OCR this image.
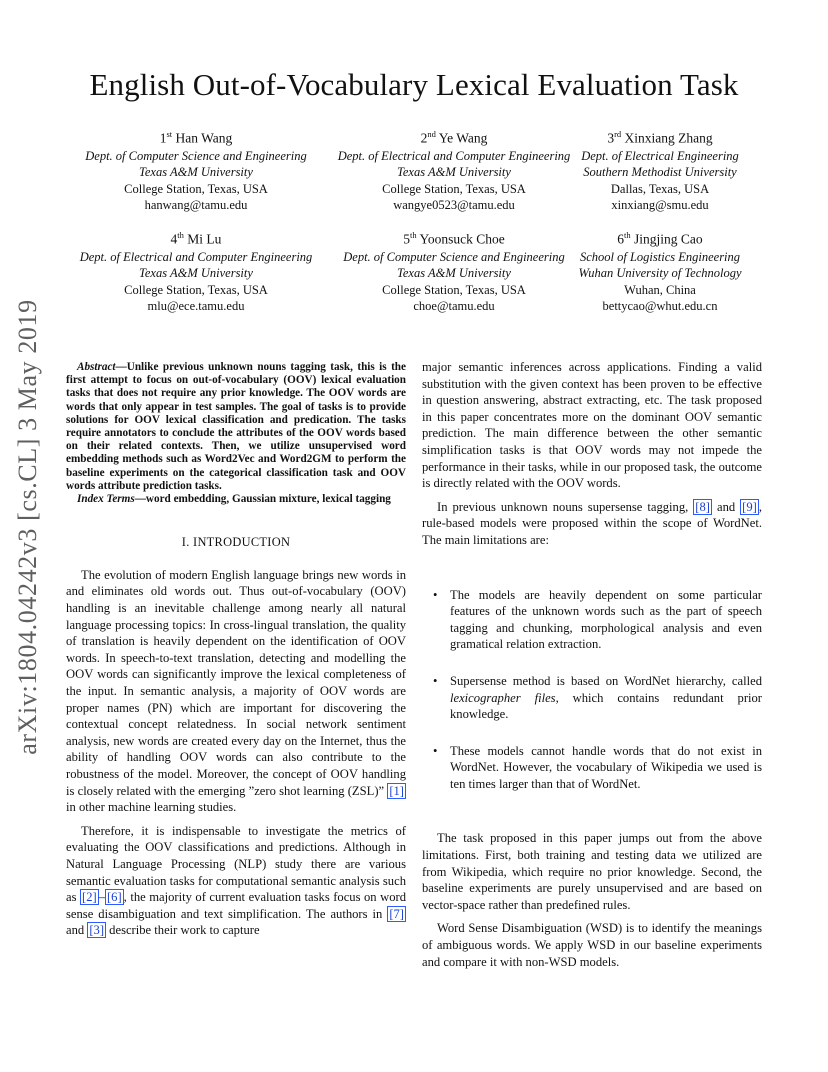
arXiv:1804.04242v3 [cs.CL] 3 May 2019
English Out-of-Vocabulary Lexical Evaluation Task
1st Han Wang
Dept. of Computer Science and Engineering
Texas A&M University
College Station, Texas, USA
hanwang@tamu.edu
2nd Ye Wang
Dept. of Electrical and Computer Engineering
Texas A&M University
College Station, Texas, USA
wangye0523@tamu.edu
3rd Xinxiang Zhang
Dept. of Electrical Engineering
Southern Methodist University
Dallas, Texas, USA
xinxiang@smu.edu
4th Mi Lu
Dept. of Electrical and Computer Engineering
Texas A&M University
College Station, Texas, USA
mlu@ece.tamu.edu
5th Yoonsuck Choe
Dept. of Computer Science and Engineering
Texas A&M University
College Station, Texas, USA
choe@tamu.edu
6th Jingjing Cao
School of Logistics Engineering
Wuhan University of Technology
Wuhan, China
bettycao@whut.edu.cn

Abstract—Unlike previous unknown nouns tagging task, this is the first attempt to focus on out-of-vocabulary (OOV) lexical evaluation tasks that does not require any prior knowledge. The OOV words are words that only appear in test samples. The goal of tasks is to provide solutions for OOV lexical classification and predication. The tasks require annotators to conclude the attributes of the OOV words based on their related contexts. Then, we utilize unsupervised word embedding methods such as Word2Vec and Word2GM to perform the baseline experiments on the categorical classification task and OOV words attribute prediction tasks.

Index Terms—word embedding, Gaussian mixture, lexical tagging

I. INTRODUCTION

The evolution of modern English language brings new words in and eliminates old words out. Thus out-of-vocabulary (OOV) handling is an inevitable challenge among nearly all natural language processing topics: In cross-lingual translation, the quality of translation is heavily dependent on the identification of OOV words. In speech-to-text translation, detecting and modelling the OOV words can significantly improve the lexical completeness of the input. In semantic analysis, a majority of OOV words are proper names (PN) which are important for discovering the contextual concept relatedness. In social network sentiment analysis, new words are created every day on the Internet, thus the ability of handling OOV words can also contribute to the robustness of the model. Moreover, the concept of OOV handling is closely related with the emerging ”zero shot learning (ZSL)” [1] in other machine learning studies.

Therefore, it is indispensable to investigate the metrics of evaluating the OOV classifications and predictions. Although in Natural Language Processing (NLP) study there are various semantic evaluation tasks for computational semantic analysis such as [2] – [6] , the majority of current evaluation tasks focus on word sense disambiguation and text simplification. The authors in [7] and [3] describe their work to capture

major semantic inferences across applications. Finding a valid substitution with the given context has been proven to be effective in question answering, abstract extracting, etc. The task proposed in this paper concentrates more on the dominant OOV semantic prediction. The main difference between the other semantic simplification tasks is that OOV words may not impede the performance in their tasks, while in our proposed task, the outcome is directly related with the OOV words.

In previous unknown nouns supersense tagging, [8] and [9] , rule-based models were proposed within the scope of WordNet. The main limitations are:

• The models are heavily dependent on some particular features of the unknown words such as the part of speech tagging and chunking, morphological analysis and even gramatical relation extraction.
• Supersense method is based on WordNet hierarchy, called lexicographer files, which contains redundant prior knowledge.
• These models cannot handle words that do not exist in WordNet. However, the vocabulary of Wikipedia we used is ten times larger than that of WordNet.

The task proposed in this paper jumps out from the above limitations. First, both training and testing data we utilized are from Wikipedia, which require no prior knowledge. Second, the baseline experiments are purely unsupervised and are based on vector-space rather than predefined rules.

Word Sense Disambiguation (WSD) is to identify the meanings of ambiguous words. We apply WSD in our baseline experiments and compare it with non-WSD models.
